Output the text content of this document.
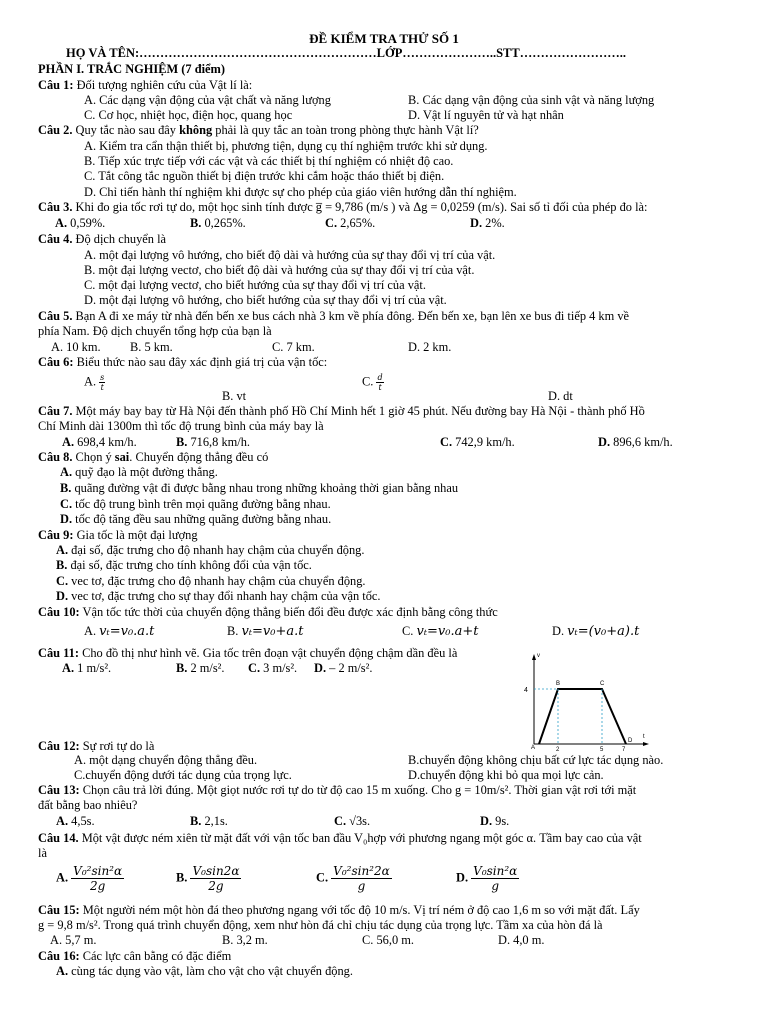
ĐỀ KIỂM TRA THỬ SỐ 1
HỌ VÀ TÊN:…………………………………………………LỚP…………………..STT……………………..
PHẦN I. TRẮC NGHIỆM (7 điểm)
Câu 1: Đối tượng nghiên cứu của Vật lí là:
A. Các dạng vận động của vật chất và năng lượng	B. Các dạng vận động của sinh vật và năng lượng
C. Cơ học, nhiệt học, điện học, quang học	D. Vật lí nguyên tử và hạt nhân
Câu 2. Quy tắc nào sau đây không phải là quy tắc an toàn trong phòng thực hành Vật lí?
A. Kiểm tra cẩn thận thiết bị, phương tiện, dụng cụ thí nghiệm trước khi sử dụng.
B. Tiếp xúc trực tiếp với các vật và các thiết bị thí nghiệm có nhiệt độ cao.
C. Tắt công tắc nguồn thiết bị điện trước khi cắm hoặc tháo thiết bị điện.
D. Chỉ tiến hành thí nghiệm khi được sự cho phép của giáo viên hướng dẫn thí nghiệm.
Câu 3. Khi đo gia tốc rơi tự do, một học sinh tính được g̅ = 9,786 (m/s ) và Δg = 0,0259 (m/s). Sai số tỉ đối của phép đo là:
A. 0,59%.	B. 0,265%.	C. 2,65%.	D. 2%.
Câu 4. Độ dịch chuyển là
A. một đại lượng vô hướng, cho biết độ dài và hướng của sự thay đổi vị trí của vật.
B. một đại lượng vectơ, cho biết độ dài và hướng của sự thay đổi vị trí của vật.
C. một đại lượng vectơ, cho biết hướng của sự thay đổi vị trí của vật.
D. một đại lượng vô hướng, cho biết hướng của sự thay đổi vị trí của vật.
Câu 5. Bạn A đi xe máy từ nhà đến bến xe bus cách nhà 3 km về phía đông. Đến bến xe, bạn lên xe bus đi tiếp 4 km về
phía Nam. Độ dịch chuyển tổng hợp của bạn là
A. 10 km. B. 5 km.	C. 7 km.	D. 2 km.
Câu 6: Biểu thức nào sau đây xác định giá trị của vận tốc:
A. $\frac{s}{t}$
B. vt
C. $\frac{d}{t}$
D. dt
Câu 7. Một máy bay bay từ Hà Nội đến thành phố Hồ Chí Minh hết 1 giờ 45 phút. Nếu đường bay Hà Nội - thành phố Hồ
Chí Minh dài 1300m thì tốc độ trung bình của máy bay là
A. 698,4 km/h.	B. 716,8 km/h.	C. 742,9 km/h.	D. 896,6 km/h.
Câu 8. Chọn ý sai. Chuyển động thẳng đều có
A. quỹ đạo là một đường thẳng.
B. quãng đường vật đi được bằng nhau trong những khoảng thời gian bằng nhau
C. tốc độ trung bình trên mọi quãng đường bằng nhau.
D. tốc độ tăng đều sau những quãng đường bằng nhau.
Câu 9: Gia tốc là một đại lượng
A. đại số, đặc trưng cho độ nhanh hay chậm của chuyển động.
B. đại số, đặc trưng cho tính không đổi của vận tốc.
C. vec tơ, đặc trưng cho độ nhanh hay chậm của chuyển động.
D. vec tơ, đặc trưng cho sự thay đổi nhanh hay chậm của vận tốc.
Câu 10: Vận tốc tức thời của chuyển động thẳng biến đổi đều được xác định bằng công thức
A. vₜ=v₀.a.t	B. vₜ=v₀+a.t	C. vₜ=v₀.a+t	D. vₜ=(v₀+a).t
Câu 11: Cho đồ thị như hình vẽ. Gia tốc trên đoạn vật chuyển động chậm dần đều là
A. 1 m/s².	B. 2 m/s². C. 3 m/s². D. – 2 m/s².
v
t
4
A
B	C
D
2	5	7
Câu 12: Sự rơi tự do là
A. một dạng chuyển động thẳng đều.	B.chuyển động không chịu bất cứ lực tác dụng nào.
C.chuyển động dưới tác dụng của trọng lực.	D.chuyển động khi bỏ qua mọi lực cản.
Câu 13: Chọn câu trả lời đúng. Một giọt nước rơi tự do từ độ cao 15 m xuống. Cho g = 10m/s². Thời gian vật rơi tới mặt
đất bằng bao nhiêu?
A. 4,5s.	B. 2,1s.	C. √3s.	D. 9s.
Câu 14. Một vật được ném xiên từ mặt đất với vận tốc ban đầu V₀hợp với phương ngang một góc α. Tầm bay cao của vật
là
A. $\frac{\text{V₀²sin²α}}{2g}$	B. $\frac{\text{V₀sin2α}}{2g}$	C. $\frac{\text{V₀²sin²2α}}{g}$	D. $\frac{\text{V₀sin²α}}{g}$
Câu 15: Một người ném một hòn đá theo phương ngang với tốc độ 10 m/s. Vị trí ném ở độ cao 1,6 m so với mặt đất. Lấy
g = 9,8 m/s². Trong quá trình chuyển động, xem như hòn đá chỉ chịu tác dụng của trọng lực. Tầm xa của hòn đá là
A. 5,7 m.	B. 3,2 m.	C. 56,0 m.	D. 4,0 m.
Câu 16: Các lực cân bằng có đặc điểm
A. cùng tác dụng vào vật, làm cho vật cho vật chuyển động.
